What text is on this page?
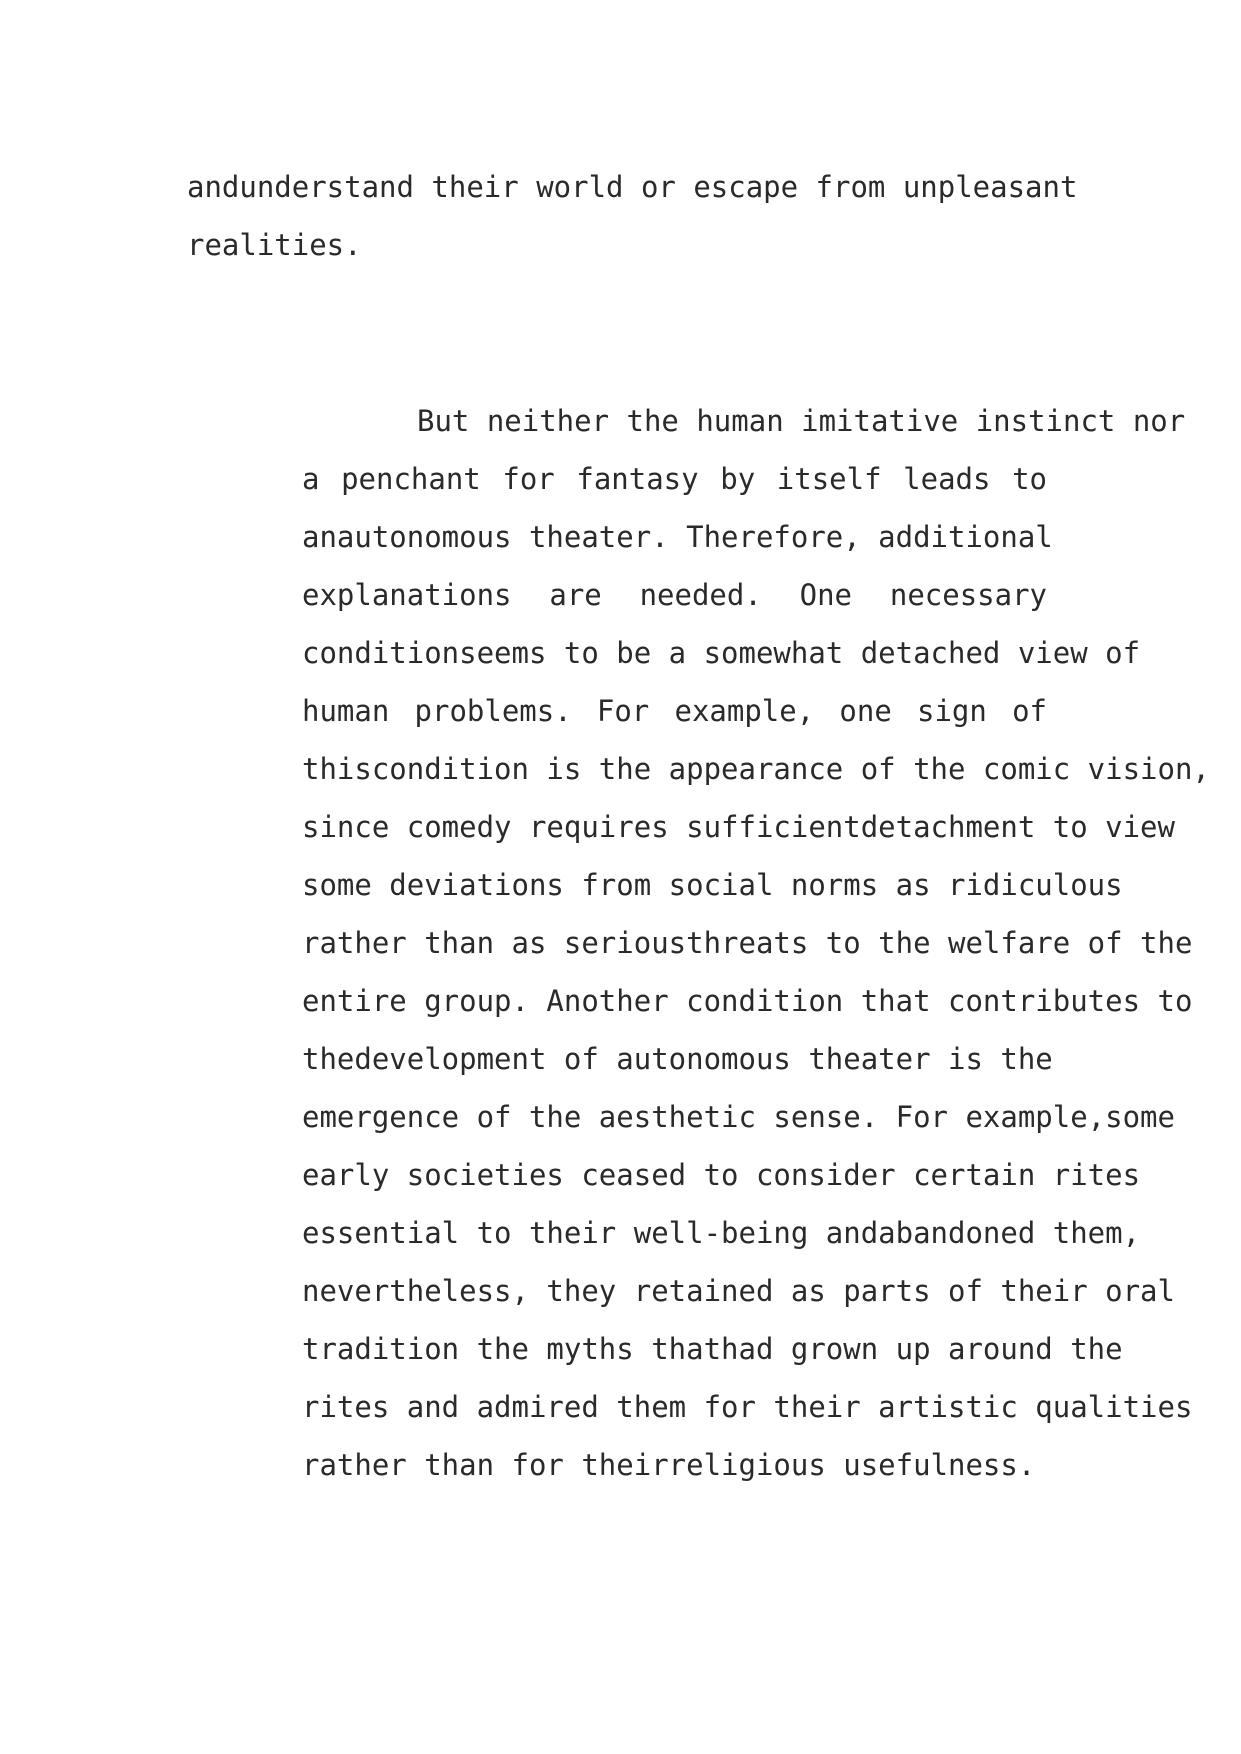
andunderstand their world or escape from unpleasant
realities.
But neither the human imitative instinct nor
a penchant for fantasy by itself leads to
anautonomous theater. Therefore, additional
explanations are needed. One necessary
conditionseems to be a somewhat detached view of
human problems. For example, one sign of
thiscondition is the appearance of the comic vision,
since comedy requires sufficientdetachment to view
some deviations from social norms as ridiculous
rather than as seriousthreats to the welfare of the
entire group. Another condition that contributes to
thedevelopment of autonomous theater is the
emergence of the aesthetic sense. For example,some
early societies ceased to consider certain rites
essential to their well-being andabandoned them,
nevertheless, they retained as parts of their oral
tradition the myths thathad grown up around the
rites and admired them for their artistic qualities
rather than for theirreligious usefulness.
